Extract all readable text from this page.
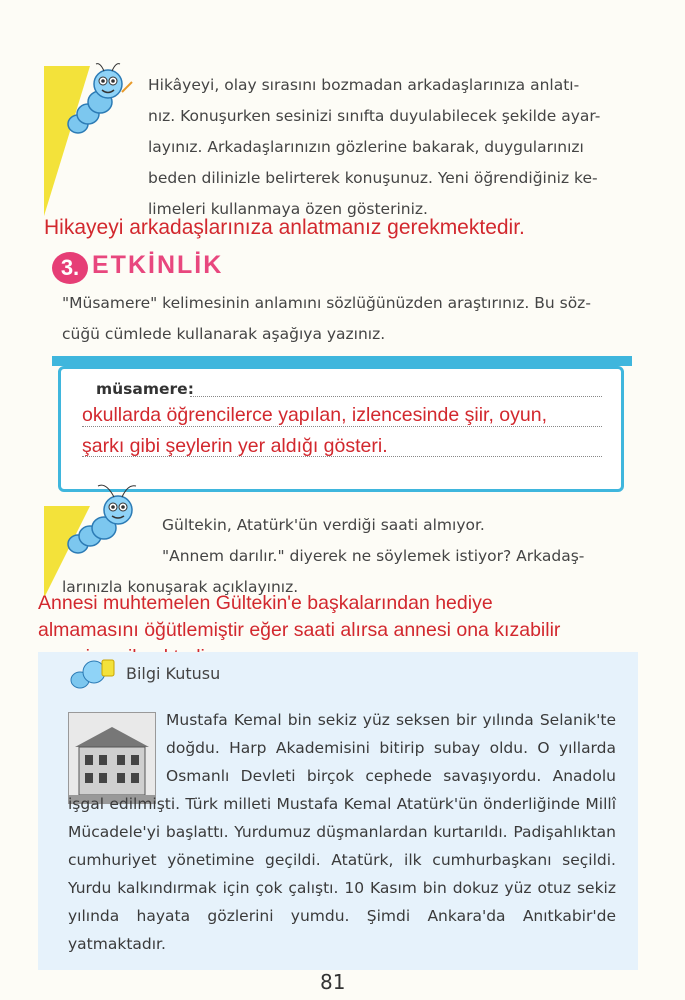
Hikâyeyi, olay sırasını bozmadan arkadaşlarınıza anlatı-

nız. Konuşurken sesinizi sınıfta duyulabilecek şekilde ayar-

layınız. Arkadaşlarınızın gözlerine bakarak, duygularınızı

beden dilinizle belirterek konuşunuz. Yeni öğrendiğiniz ke-

limeleri kullanmaya özen gösteriniz.

Hikayeyi arkadaşlarınıza anlatmanız gerekmektedir.
3. ETKİNLİK
"Müsamere" kelimesinin anlamını sözlüğünüzden araştırınız. Bu söz-
cüğü cümlede kullanarak aşağıya yazınız.
müsamere:
okullarda öğrencilerce yapılan, izlencesinde şiir, oyun,
şarkı gibi şeylerin yer aldığı gösteri.

Gültekin, Atatürk'ün verdiği saati almıyor.

"Annem darılır." diyerek ne söylemek istiyor? Arkadaş-

larınızla konuşarak açıklayınız.

Annesi muhtemelen Gültekin'e başkalarından hediye
almamasını öğütlemiştir eğer saati alırsa annesi ona kızabilir
Bilgi Kutusu
Mustafa Kemal bin sekiz yüz seksen bir yılında Selanik'te doğdu. Harp Akademisini bitirip subay oldu. O yıllarda Osmanlı Devleti birçok cephede savaşıyordu. Anadolu işgal edilmişti. Türk milleti Mustafa Kemal Atatürk'ün önderliğinde Millî Mücadele'yi başlattı. Yurdumuz düşmanlardan kurtarıldı. Padişahlıktan cumhuriyet yönetimine geçildi. Atatürk, ilk cumhurbaşkanı seçildi. Yurdu kalkındırmak için çok çalıştı. 10 Kasım bin dokuz yüz otuz sekiz yılında hayata gözlerini yumdu. Şimdi Ankara'da Anıtkabir'de yatmaktadır.
81
